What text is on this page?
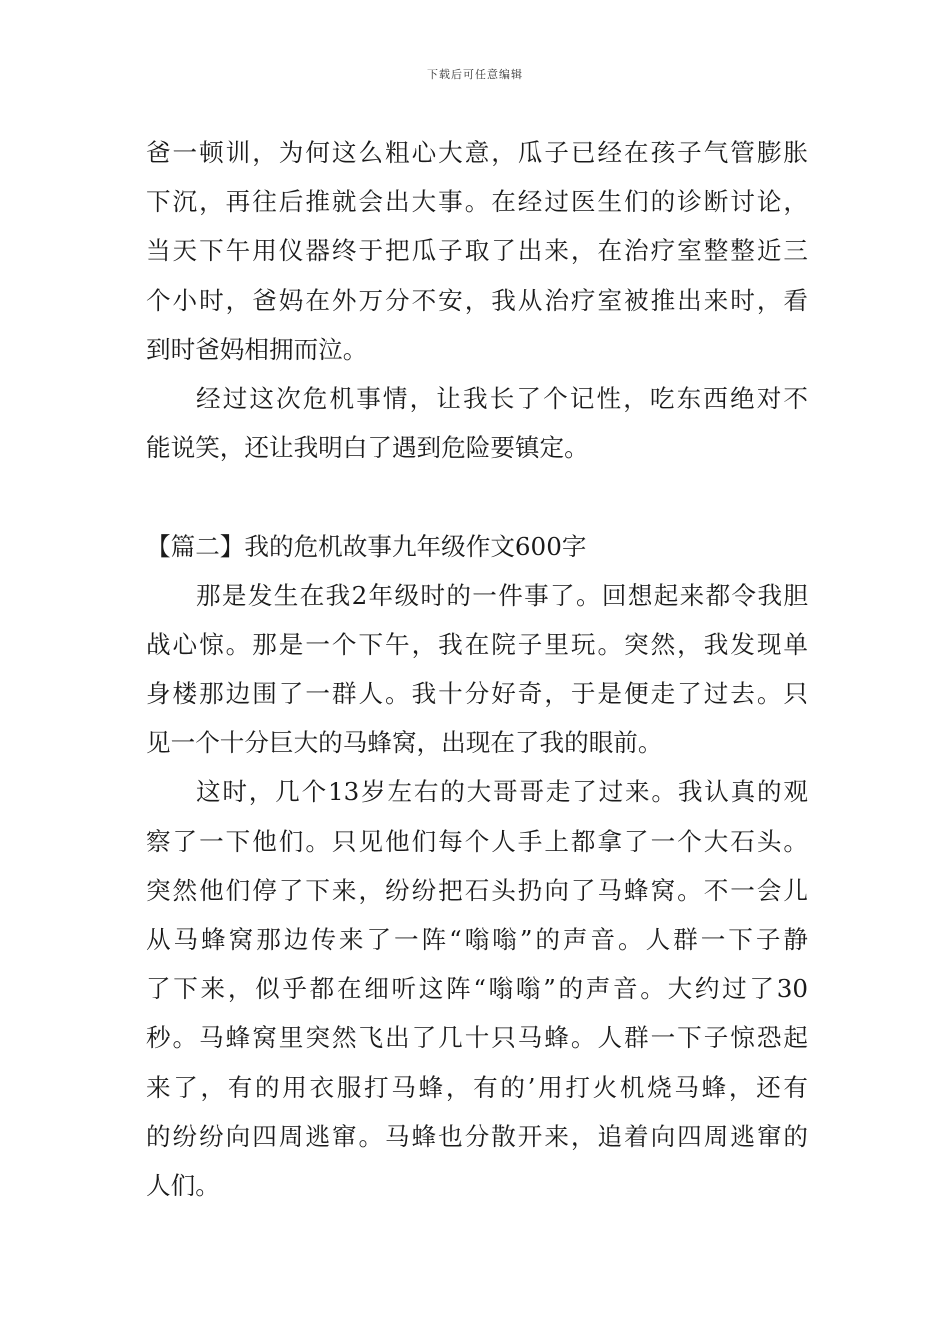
下载后可任意编辑
爸一顿训，为何这么粗心大意，瓜子已经在孩子气管膨胀
下沉，再往后推就会出大事。在经过医生们的诊断讨论，
当天下午用仪器终于把瓜子取了出来，在治疗室整整近三
个小时，爸妈在外万分不安，我从治疗室被推出来时，看
到时爸妈相拥而泣。
经过这次危机事情，让我长了个记性，吃东西绝对不
能说笑，还让我明白了遇到危险要镇定。
【篇二】我的危机故事九年级作文600字
那是发生在我2年级时的一件事了。回想起来都令我胆
战心惊。那是一个下午，我在院子里玩。突然，我发现单
身楼那边围了一群人。我十分好奇，于是便走了过去。只
见一个十分巨大的马蜂窝，出现在了我的眼前。
这时，几个13岁左右的大哥哥走了过来。我认真的观
察了一下他们。只见他们每个人手上都拿了一个大石头。
突然他们停了下来，纷纷把石头扔向了马蜂窝。不一会儿
从马蜂窝那边传来了一阵“嗡嗡”的声音。人群一下子静
了下来，似乎都在细听这阵“嗡嗡”的声音。大约过了30
秒。马蜂窝里突然飞出了几十只马蜂。人群一下子惊恐起
来了，有的用衣服打马蜂，有的’用打火机烧马蜂，还有
的纷纷向四周逃窜。马蜂也分散开来，追着向四周逃窜的
人们。
